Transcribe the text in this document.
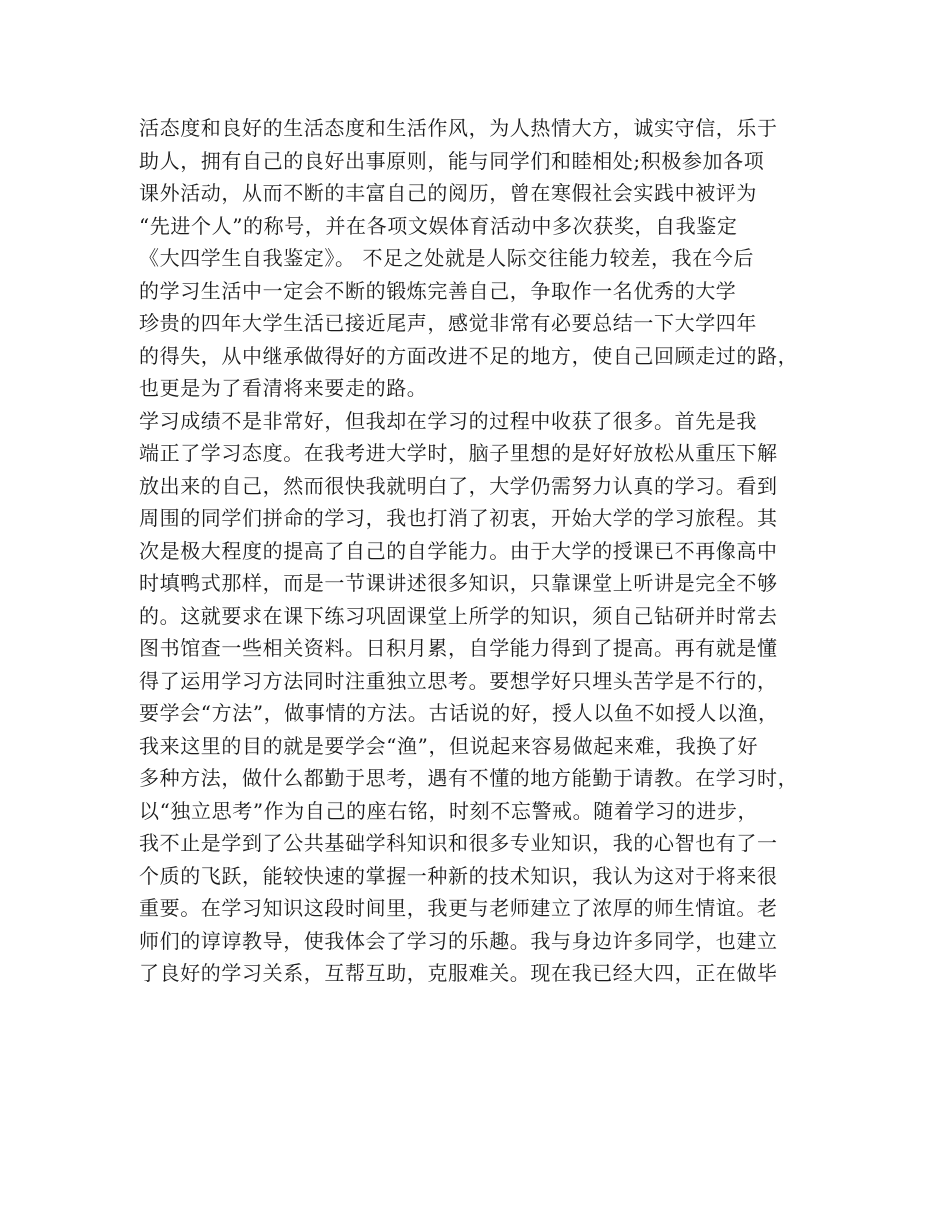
活态度和良好的生活态度和生活作风，为人热情大方，诚实守信，乐于
助人，拥有自己的良好出事原则，能与同学们和睦相处;积极参加各项
课外活动，从而不断的丰富自己的阅历，曾在寒假社会实践中被评为
“先进个人”的称号，并在各项文娱体育活动中多次获奖，自我鉴定
《大四学生自我鉴定》。 不足之处就是人际交往能力较差，我在今后
的学习生活中一定会不断的锻炼完善自己，争取作一名优秀的大学
珍贵的四年大学生活已接近尾声，感觉非常有必要总结一下大学四年
的得失，从中继承做得好的方面改进不足的地方，使自己回顾走过的路，
也更是为了看清将来要走的路。
学习成绩不是非常好，但我却在学习的过程中收获了很多。首先是我
端正了学习态度。在我考进大学时，脑子里想的是好好放松从重压下解
放出来的自己，然而很快我就明白了，大学仍需努力认真的学习。看到
周围的同学们拼命的学习，我也打消了初衷，开始大学的学习旅程。其
次是极大程度的提高了自己的自学能力。由于大学的授课已不再像高中
时填鸭式那样，而是一节课讲述很多知识，只靠课堂上听讲是完全不够
的。这就要求在课下练习巩固课堂上所学的知识，须自己钻研并时常去
图书馆查一些相关资料。日积月累，自学能力得到了提高。再有就是懂
得了运用学习方法同时注重独立思考。要想学好只埋头苦学是不行的，
要学会“方法”，做事情的方法。古话说的好，授人以鱼不如授人以渔，
我来这里的目的就是要学会“渔”，但说起来容易做起来难，我换了好
多种方法，做什么都勤于思考，遇有不懂的地方能勤于请教。在学习时，
以“独立思考”作为自己的座右铭，时刻不忘警戒。随着学习的进步，
我不止是学到了公共基础学科知识和很多专业知识，我的心智也有了一
个质的飞跃，能较快速的掌握一种新的技术知识，我认为这对于将来很
重要。在学习知识这段时间里，我更与老师建立了浓厚的师生情谊。老
师们的谆谆教导，使我体会了学习的乐趣。我与身边许多同学，也建立
了良好的学习关系，互帮互助，克服难关。现在我已经大四，正在做毕
